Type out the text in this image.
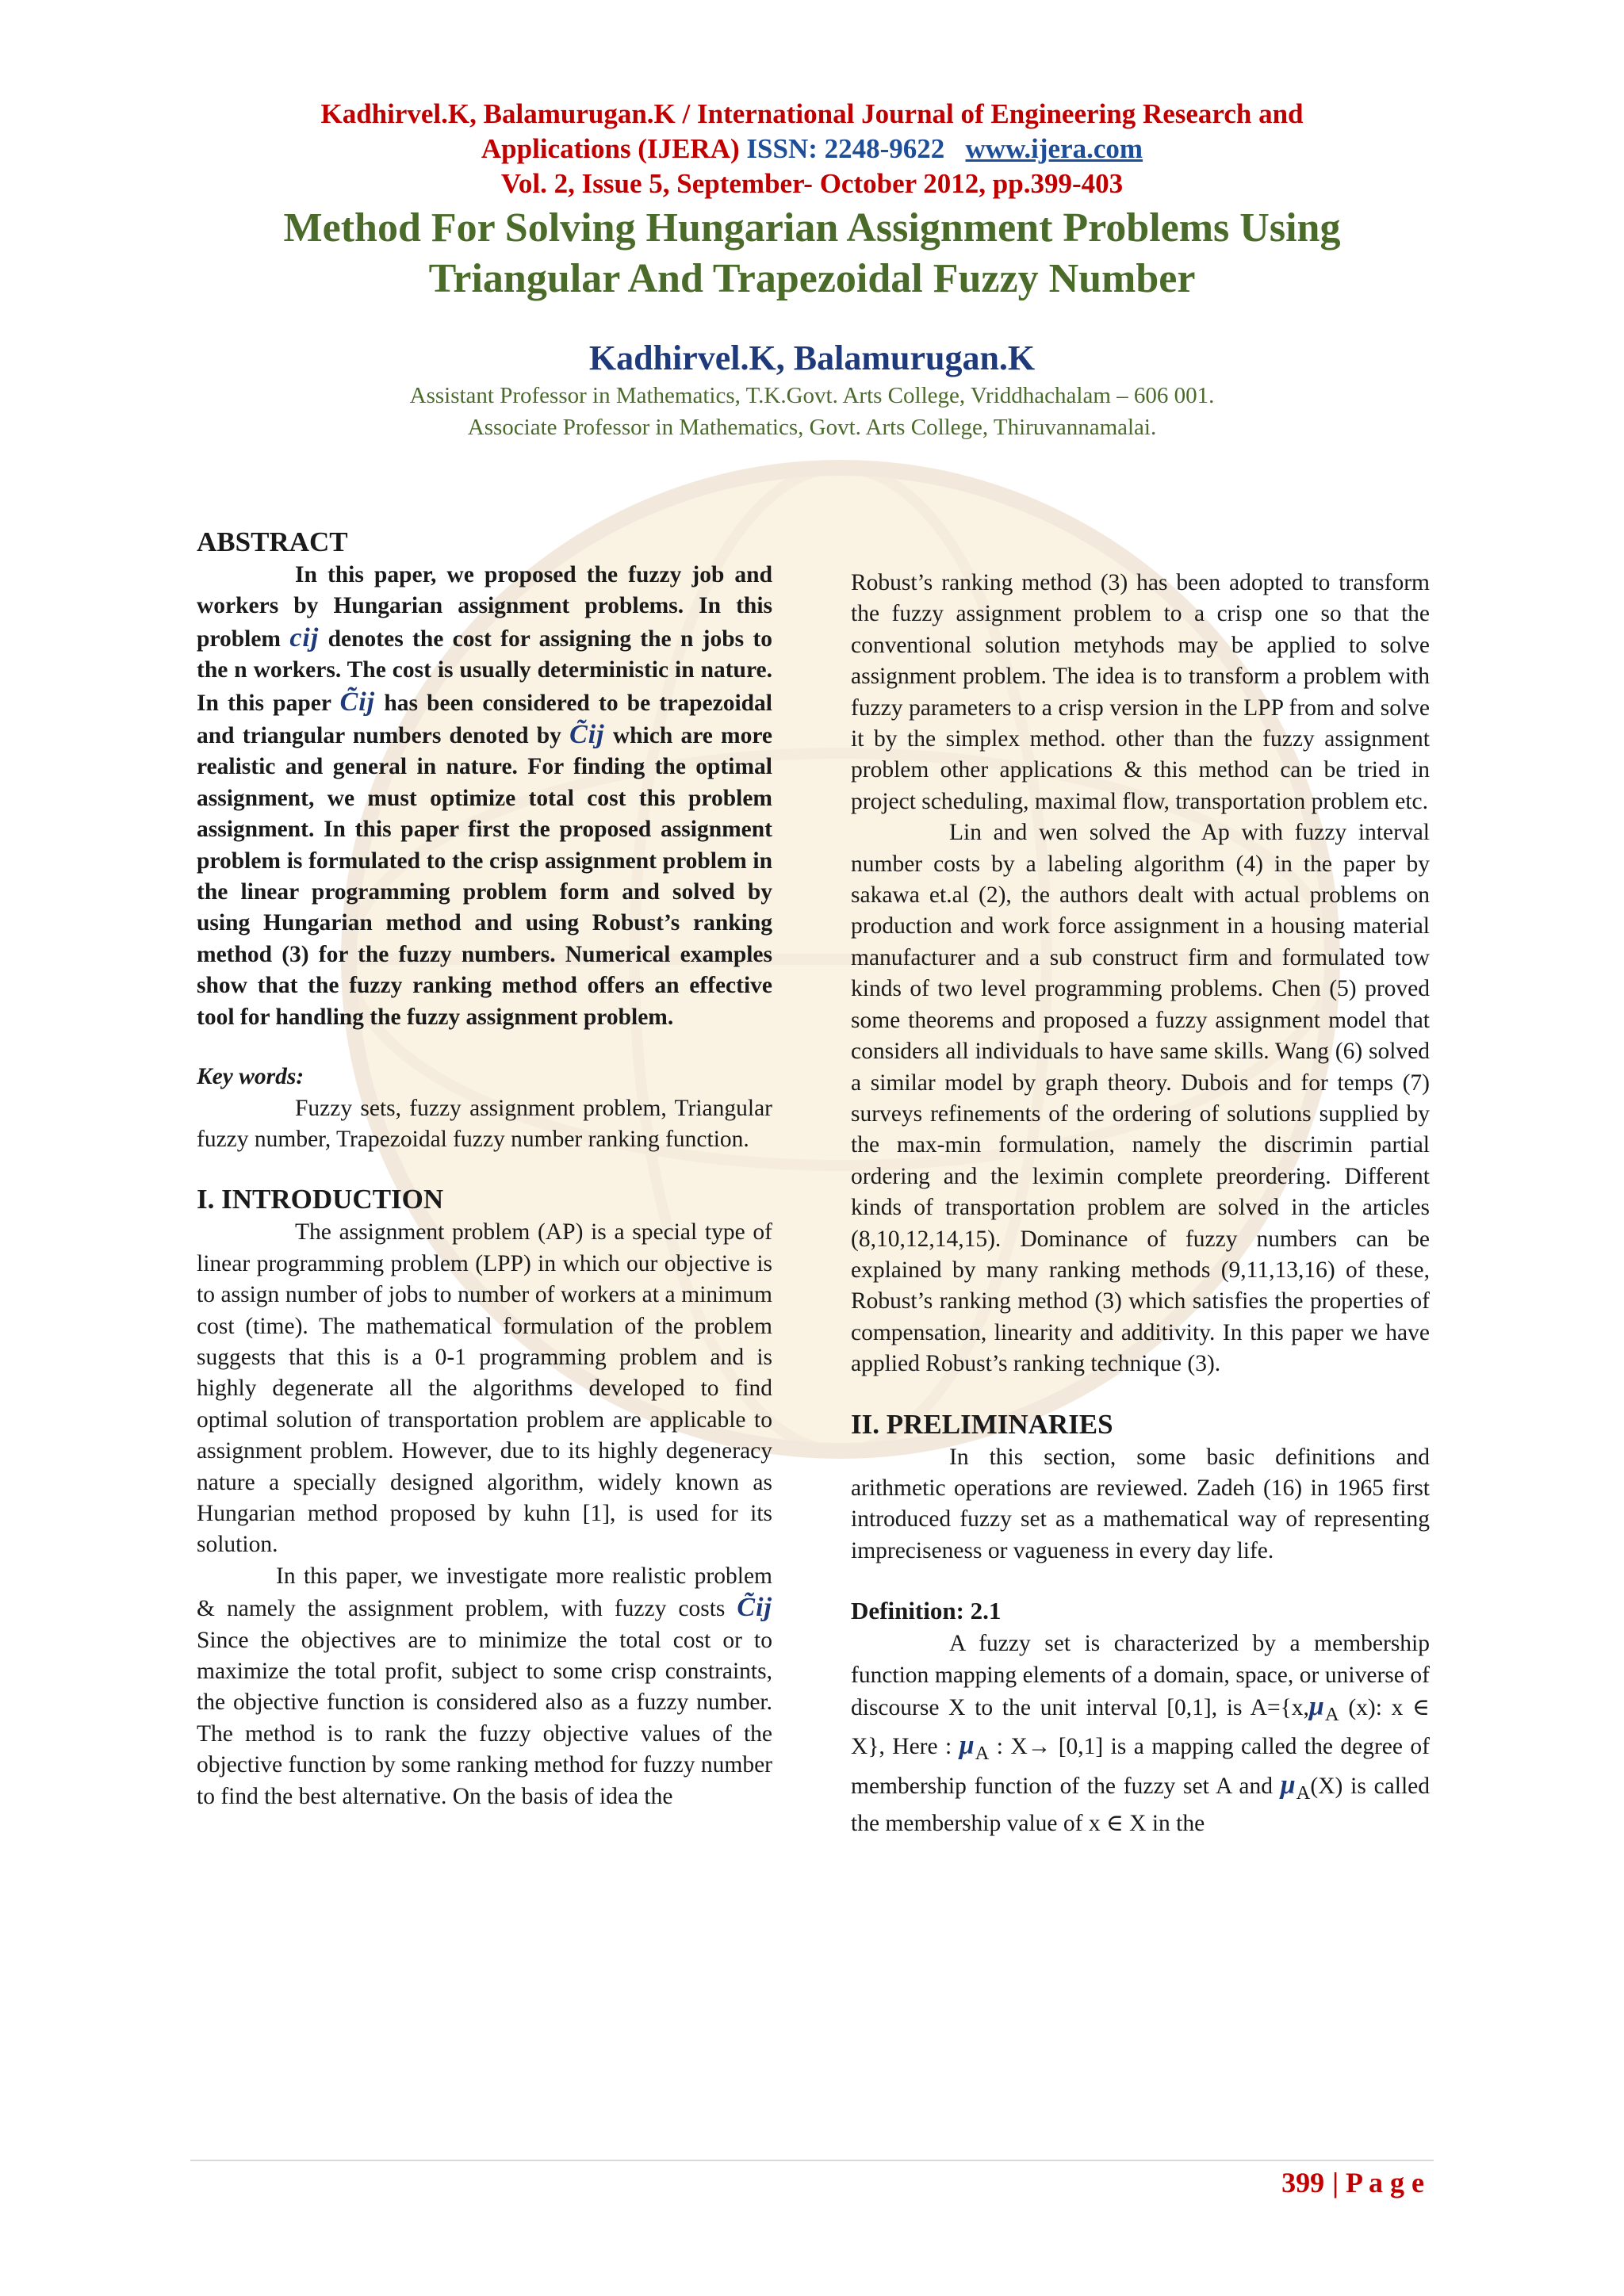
Kadhirvel.K, Balamurugan.K / International Journal of Engineering Research and
Applications (IJERA) ISSN: 2248-9622 www.ijera.com
Vol. 2, Issue 5, September- October 2012, pp.399-403
Method For Solving Hungarian Assignment Problems Using
Triangular And Trapezoidal Fuzzy Number
Kadhirvel.K, Balamurugan.K
Assistant Professor in Mathematics, T.K.Govt. Arts College, Vriddhachalam – 606 001.
Associate Professor in Mathematics, Govt. Arts College, Thiruvannamalai.

ABSTRACT

In this paper, we proposed the fuzzy job and workers by Hungarian assignment problems. In this problem cij denotes the cost for assigning the n jobs to the n workers. The cost is usually deterministic in nature. In this paper C̃ij has been considered to be trapezoidal and triangular numbers denoted by C̃ij which are more realistic and general in nature. For finding the optimal assignment, we must optimize total cost this problem assignment. In this paper first the proposed assignment problem is formulated to the crisp assignment problem in the linear programming problem form and solved by using Hungarian method and using Robust’s ranking method (3) for the fuzzy numbers. Numerical examples show that the fuzzy ranking method offers an effective tool for handling the fuzzy assignment problem.

Key words:

Fuzzy sets, fuzzy assignment problem, Triangular fuzzy number, Trapezoidal fuzzy number ranking function.

I. INTRODUCTION

The assignment problem (AP) is a special type of linear programming problem (LPP) in which our objective is to assign number of jobs to number of workers at a minimum cost (time). The mathematical formulation of the problem suggests that this is a 0-1 programming problem and is highly degenerate all the algorithms developed to find optimal solution of transportation problem are applicable to assignment problem. However, due to its highly degeneracy nature a specially designed algorithm, widely known as Hungarian method proposed by kuhn [1], is used for its solution.

In this paper, we investigate more realistic problem & namely the assignment problem, with fuzzy costs C̃ij Since the objectives are to minimize the total cost or to maximize the total profit, subject to some crisp constraints, the objective function is considered also as a fuzzy number. The method is to rank the fuzzy objective values of the objective function by some ranking method for fuzzy number to find the best alternative. On the basis of idea the

Robust’s ranking method (3) has been adopted to transform the fuzzy assignment problem to a crisp one so that the conventional solution metyhods may be applied to solve assignment problem. The idea is to transform a problem with fuzzy parameters to a crisp version in the LPP from and solve it by the simplex method. other than the fuzzy assignment problem other applications & this method can be tried in project scheduling, maximal flow, transportation problem etc.

Lin and wen solved the Ap with fuzzy interval number costs by a labeling algorithm (4) in the paper by sakawa et.al (2), the authors dealt with actual problems on production and work force assignment in a housing material manufacturer and a sub construct firm and formulated tow kinds of two level programming problems. Chen (5) proved some theorems and proposed a fuzzy assignment model that considers all individuals to have same skills. Wang (6) solved a similar model by graph theory. Dubois and for temps (7) surveys refinements of the ordering of solutions supplied by the max-min formulation, namely the discrimin partial ordering and the leximin complete preordering. Different kinds of transportation problem are solved in the articles (8,10,12,14,15). Dominance of fuzzy numbers can be explained by many ranking methods (9,11,13,16) of these, Robust’s ranking method (3) which satisfies the properties of compensation, linearity and additivity. In this paper we have applied Robust’s ranking technique (3).

II. PRELIMINARIES

In this section, some basic definitions and arithmetic operations are reviewed. Zadeh (16) in 1965 first introduced fuzzy set as a mathematical way of representing impreciseness or vagueness in every day life.

Definition: 2.1

A fuzzy set is characterized by a membership function mapping elements of a domain, space, or universe of discourse X to the unit interval [0,1], is $A=\{x,\mu_A$ (x): x ∈ X}, Here : $\mu_A$ : X→ [0,1] is a mapping called the degree of membership function of the fuzzy set A and $\mu_A(X)$ is called the membership value of x ∈ X in the

399 | P a g e
